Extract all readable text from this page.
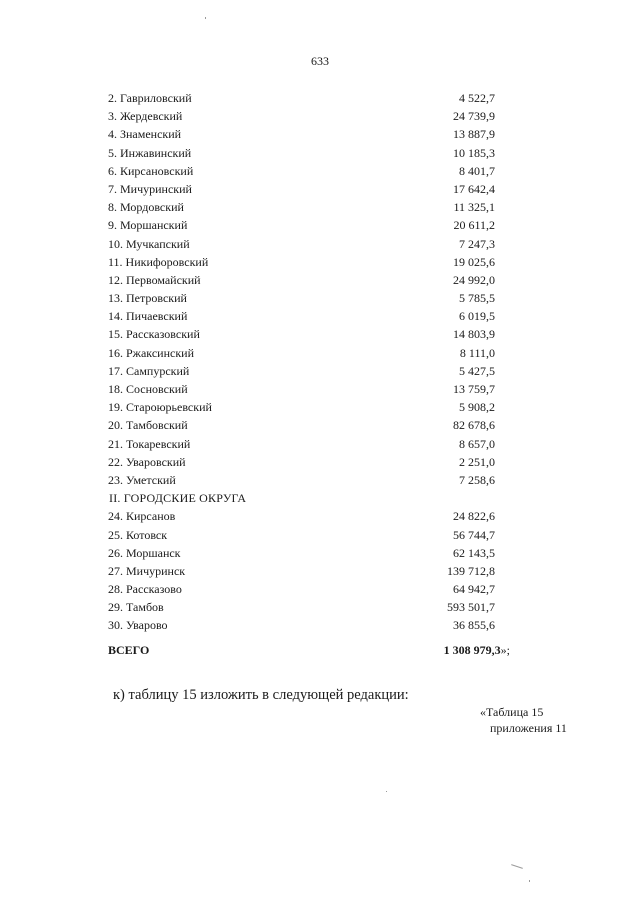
633
2. Гавриловский	4 522,7
3. Жердевский	24 739,9
4. Знаменский	13 887,9
5. Инжавинский	10 185,3
6. Кирсановский	8 401,7
7. Мичуринский	17 642,4
8. Мордовский	11 325,1
9. Моршанский	20 611,2
10. Мучкапский	7 247,3
11. Никифоровский	19 025,6
12. Первомайский	24 992,0
13. Петровский	5 785,5
14. Пичаевский	6 019,5
15. Рассказовский	14 803,9
16. Ржаксинский	8 111,0
17. Сампурский	5 427,5
18. Сосновский	13 759,7
19. Староюрьевский	5 908,2
20. Тамбовский	82 678,6
21. Токаревский	8 657,0
22. Уваровский	2 251,0
23. Уметский	7 258,6
II. ГОРОДСКИЕ ОКРУГА
24. Кирсанов	24 822,6
25. Котовск	56 744,7
26. Моршанск	62 143,5
27. Мичуринск	139 712,8
28. Рассказово	64 942,7
29. Тамбов	593 501,7
30. Уварово	36 855,6
ВСЕГО	1 308 979,3»;
к) таблицу 15 изложить в следующей редакции:
«Таблица 15
приложения 11
